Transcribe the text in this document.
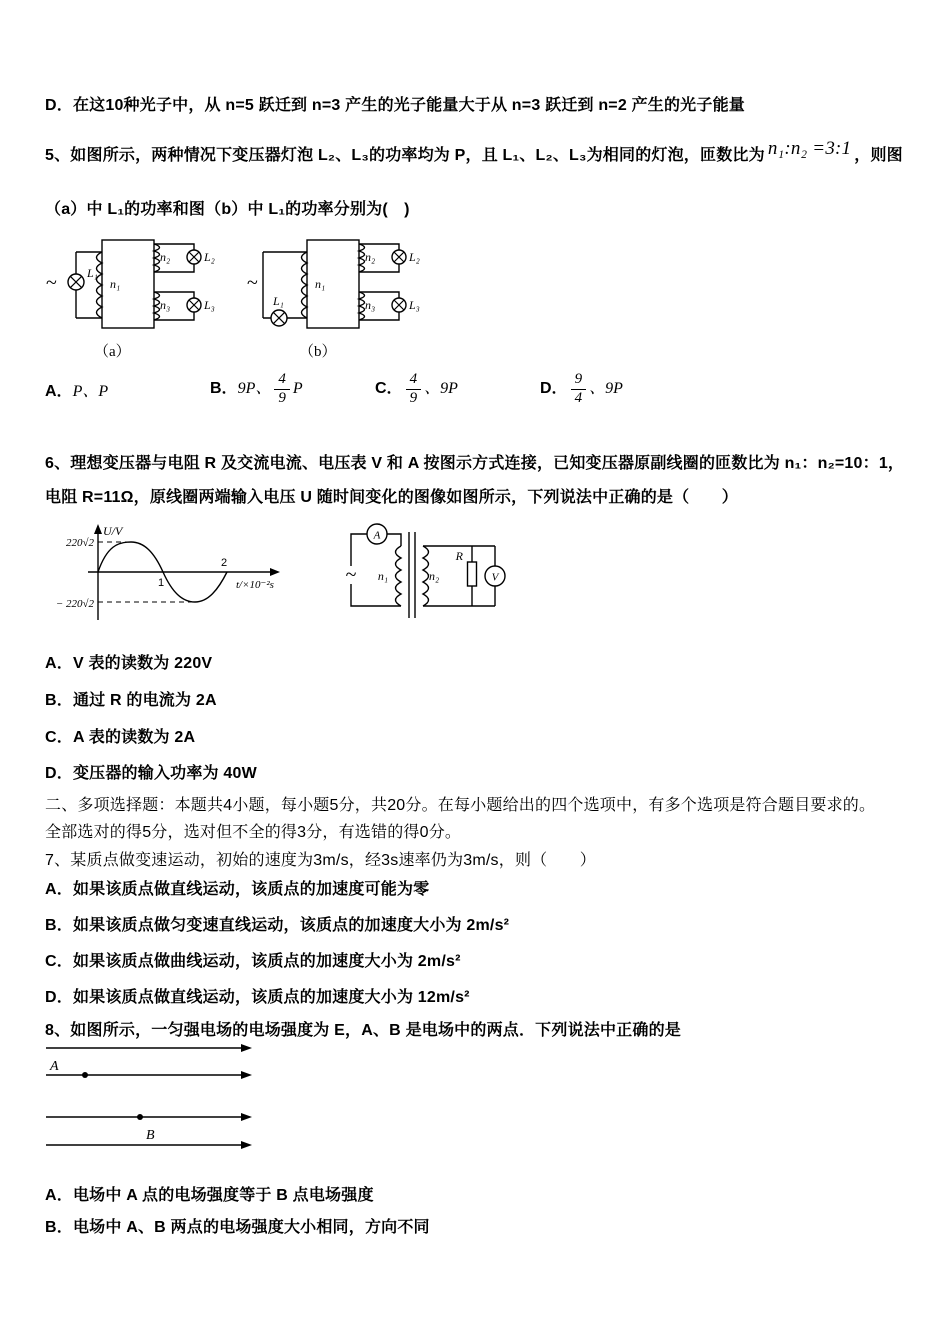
D．在这10种光子中，从 n=5 跃迁到 n=3 产生的光子能量大于从 n=3 跃迁到 n=2 产生的光子能量
5、如图所示，两种情况下变压器灯泡 L₂、L₃的功率均为 P，且 L₁、L₂、L₃为相同的灯泡，匝数比为 n₁:n₂ =3:1 ，则图
（a）中 L₁的功率和图（b）中 L₁的功率分别为(　)
~	L₁
n₁
n₂	L₂
n₃	L₃
（a）
~
L₁
n₁
n₂	L₂
n₃	L₃
（b）
A．P、P	B．9P、 $\frac{4}{9}$ P	C． $\frac{4}{9}$ 、9P	D． $\frac{9}{4}$ 、9P
6、理想变压器与电阻 R 及交流电流、电压表 V 和 A 按图示方式连接，已知变压器原副线圈的匝数比为 n₁：n₂=10：1，
电阻 R=11Ω，原线圈两端输入电压 U 随时间变化的图像如图所示，下列说法中正确的是（　　）
U/V
220√2
− 220√2
1
2
t/×10⁻²s
A
~ n₁	n₂
R
V
A．V 表的读数为 220V
B．通过 R 的电流为 2A
C．A 表的读数为 2A
D．变压器的输入功率为 40W
二、多项选择题：本题共4小题，每小题5分，共20分。在每小题给出的四个选项中，有多个选项是符合题目要求的。
全部选对的得5分，选对但不全的得3分，有选错的得0分。
7、某质点做变速运动，初始的速度为3m/s，经3s速率仍为3m/s，则（　　）
A．如果该质点做直线运动，该质点的加速度可能为零
B．如果该质点做匀变速直线运动，该质点的加速度大小为 2m/s²
C．如果该质点做曲线运动，该质点的加速度大小为 2m/s²
D．如果该质点做直线运动，该质点的加速度大小为 12m/s²
8、如图所示，一匀强电场的电场强度为 E，A、B 是电场中的两点．下列说法中正确的是
A
B
A．电场中 A 点的电场强度等于 B 点电场强度
B．电场中 A、B 两点的电场强度大小相同，方向不同
